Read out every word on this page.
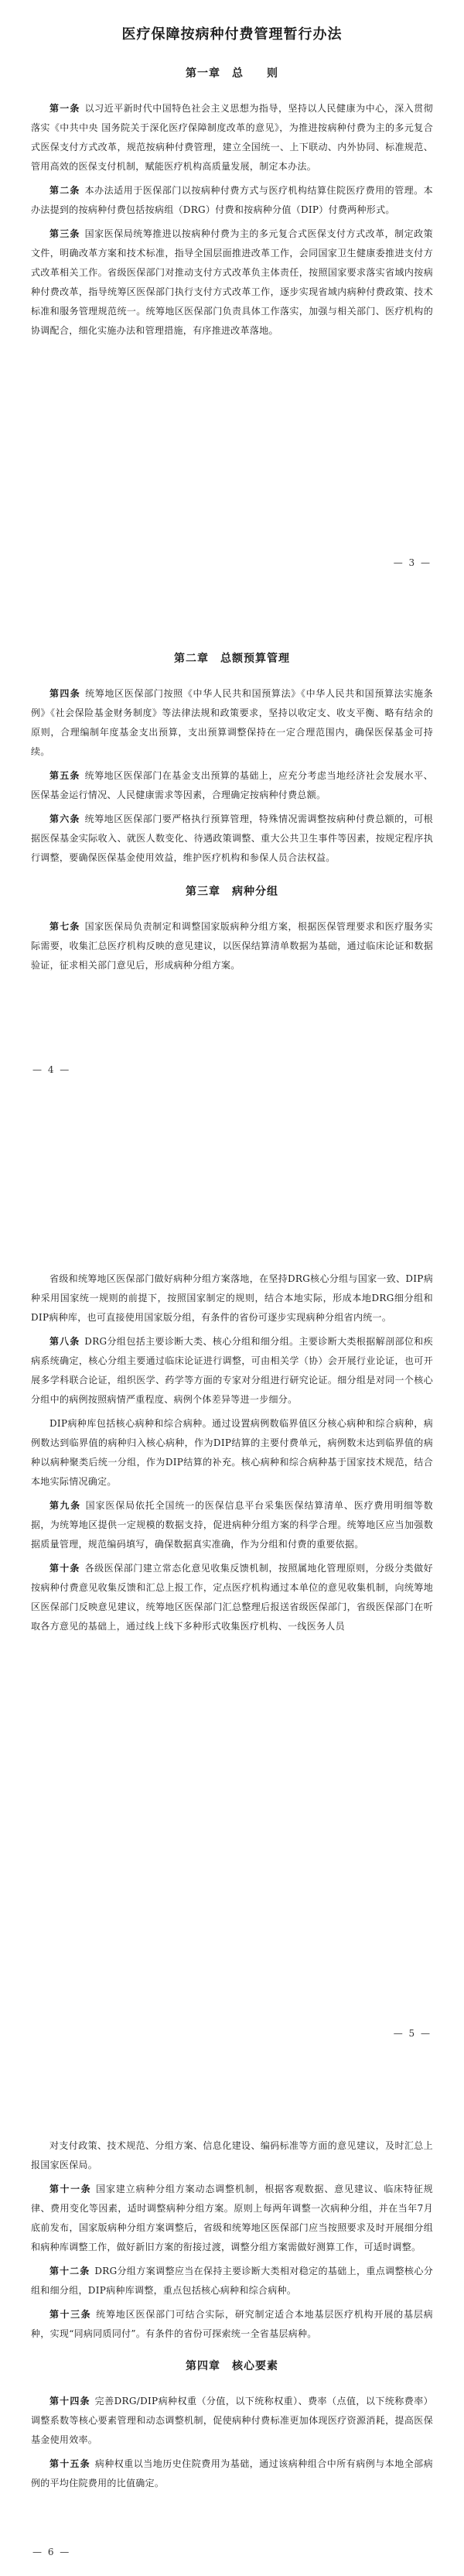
医疗保障按病种付费管理暂行办法
第一章　总　　则

第一条 以习近平新时代中国特色社会主义思想为指导，坚持以人民健康为中心，深入贯彻落实《中共中央 国务院关于深化医疗保障制度改革的意见》，为推进按病种付费为主的多元复合式医保支付方式改革，规范按病种付费管理，建立全国统一、上下联动、内外协同、标准规范、管用高效的医保支付机制，赋能医疗机构高质量发展，制定本办法。

第二条 本办法适用于医保部门以按病种付费方式与医疗机构结算住院医疗费用的管理。本办法提到的按病种付费包括按病组（DRG）付费和按病种分值（DIP）付费两种形式。

第三条 国家医保局统筹推进以按病种付费为主的多元复合式医保支付方式改革，制定政策文件，明确改革方案和技术标准，指导全国层面推进改革工作，会同国家卫生健康委推进支付方式改革相关工作。省级医保部门对推动支付方式改革负主体责任，按照国家要求落实省域内按病种付费改革，指导统筹区医保部门执行支付方式改革工作，逐步实现省域内病种付费政策、技术标准和服务管理规范统一。统筹地区医保部门负责具体工作落实，加强与相关部门、医疗机构的协调配合，细化实施办法和管理措施，有序推进改革落地。

— 3 —
第二章　总额预算管理

第四条 统筹地区医保部门按照《中华人民共和国预算法》《中华人民共和国预算法实施条例》《社会保险基金财务制度》等法律法规和政策要求，坚持以收定支、收支平衡、略有结余的原则，合理编制年度基金支出预算，支出预算调整保持在一定合理范围内，确保医保基金可持续。

第五条 统筹地区医保部门在基金支出预算的基础上，应充分考虑当地经济社会发展水平、医保基金运行情况、人民健康需求等因素，合理确定按病种付费总额。

第六条 统筹地区医保部门要严格执行预算管理，特殊情况需调整按病种付费总额的，可根据医保基金实际收入、就医人数变化、待遇政策调整、重大公共卫生事件等因素，按规定程序执行调整，要确保医保基金使用效益，维护医疗机构和参保人员合法权益。

第三章　病种分组

第七条 国家医保局负责制定和调整国家版病种分组方案，根据医保管理要求和医疗服务实际需要，收集汇总医疗机构反映的意见建议，以医保结算清单数据为基础，通过临床论证和数据验证，征求相关部门意见后，形成病种分组方案。

— 4 —

省级和统筹地区医保部门做好病种分组方案落地，在坚持DRG核心分组与国家一致、DIP病种采用国家统一规则的前提下，按照国家制定的规则，结合本地实际，形成本地DRG细分组和DIP病种库，也可直接使用国家版分组，有条件的省份可逐步实现病种分组省内统一。

第八条 DRG分组包括主要诊断大类、核心分组和细分组。主要诊断大类根据解剖部位和疾病系统确定，核心分组主要通过临床论证进行调整，可由相关学（协）会开展行业论证，也可开展多学科联合论证，组织医学、药学等方面的专家对分组进行研究论证。细分组是对同一个核心分组中的病例按照病情严重程度、病例个体差异等进一步细分。

DIP病种库包括核心病种和综合病种。通过设置病例数临界值区分核心病种和综合病种，病例数达到临界值的病种归入核心病种，作为DIP结算的主要付费单元，病例数未达到临界值的病种以病种聚类后统一分组，作为DIP结算的补充。核心病种和综合病种基于国家技术规范，结合本地实际情况确定。

第九条 国家医保局依托全国统一的医保信息平台采集医保结算清单、医疗费用明细等数据，为统筹地区提供一定规模的数据支持，促进病种分组方案的科学合理。统筹地区应当加强数据质量管理，规范编码填写，确保数据真实准确，作为分组和付费的重要依据。

第十条 各级医保部门建立常态化意见收集反馈机制，按照属地化管理原则，分级分类做好按病种付费意见收集反馈和汇总上报工作，定点医疗机构通过本单位的意见收集机制，向统筹地区医保部门反映意见建议，统筹地区医保部门汇总整理后报送省级医保部门，省级医保部门在听取各方意见的基础上，通过线上线下多种形式收集医疗机构、一线医务人员

— 5 —

对支付政策、技术规范、分组方案、信息化建设、编码标准等方面的意见建议，及时汇总上报国家医保局。

第十一条 国家建立病种分组方案动态调整机制，根据客观数据、意见建议、临床特征规律、费用变化等因素，适时调整病种分组方案。原则上每两年调整一次病种分组，并在当年7月底前发布，国家版病种分组方案调整后，省级和统筹地区医保部门应当按照要求及时开展细分组和病种库调整工作，做好新旧方案的衔接过渡，调整分组方案需做好测算工作，可适时调整。

第十二条 DRG分组方案调整应当在保持主要诊断大类相对稳定的基础上，重点调整核心分组和细分组，DIP病种库调整，重点包括核心病种和综合病种。

第十三条 统筹地区医保部门可结合实际，研究制定适合本地基层医疗机构开展的基层病种，实现“同病同质同付”。有条件的省份可探索统一全省基层病种。

第四章　核心要素

第十四条 完善DRG/DIP病种权重（分值，以下统称权重）、费率（点值，以下统称费率）调整系数等核心要素管理和动态调整机制，促使病种付费标准更加体现医疗资源消耗，提高医保基金使用效率。

第十五条 病种权重以当地历史住院费用为基础，通过该病种组合中所有病例与本地全部病例的平均住院费用的比值确定。

— 6 —
